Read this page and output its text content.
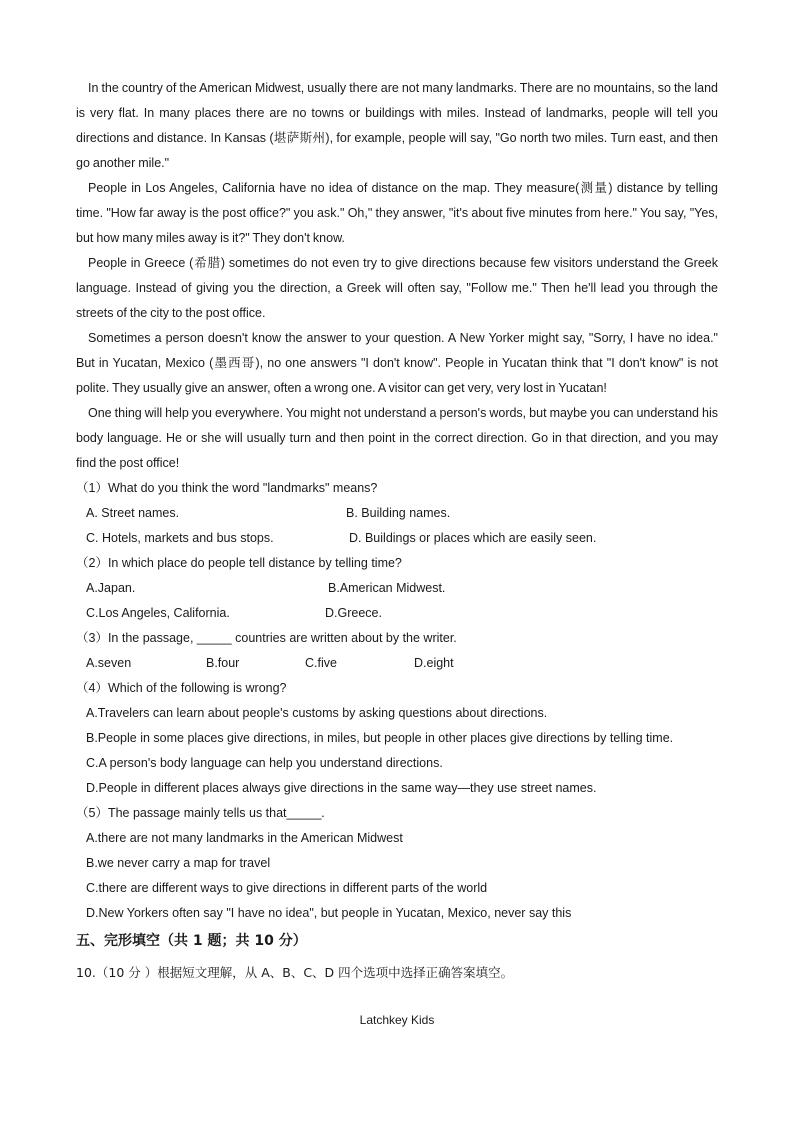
In the country of the American Midwest, usually there are not many landmarks. There are no mountains, so the land is very flat. In many places there are no towns or buildings with miles. Instead of landmarks, people will tell you directions and distance. In Kansas (堪萨斯州), for example, people will say, "Go north two miles. Turn east, and then go another mile."

People in Los Angeles, California have no idea of distance on the map. They measure(测量) distance by telling time. "How far away is the post office?" you ask." Oh," they answer, "it's about five minutes from here." You say, "Yes, but how many miles away is it?" They don't know.

People in Greece (希腊) sometimes do not even try to give directions because few visitors understand the Greek language. Instead of giving you the direction, a Greek will often say, "Follow me." Then he'll lead you through the streets of the city to the post office.

Sometimes a person doesn't know the answer to your question. A New Yorker might say, "Sorry, I have no idea." But in Yucatan, Mexico (墨西哥), no one answers "I don't know". People in Yucatan think that "I don't know" is not polite. They usually give an answer, often a wrong one. A visitor can get very, very lost in Yucatan!

One thing will help you everywhere. You might not understand a person's words, but maybe you can understand his body language. He or she will usually turn and then point in the correct direction. Go in that direction, and you may find the post office!

（1）What do you think the word "landmarks" means?
A. Street names.	B. Building names.
C. Hotels, markets and bus stops.	D. Buildings or places which are easily seen.
（2）In which place do people tell distance by telling time?
A.Japan.	B.American Midwest.
C.Los Angeles, California.	D.Greece.
（3）In the passage, _____ countries are written about by the writer.
A.seven	B.four	C.five	D.eight
（4）Which of the following is wrong?
A.Travelers can learn about people's customs by asking questions about directions.
B.People in some places give directions, in miles, but people in other places give directions by telling time.
C.A person's body language can help you understand directions.
D.People in different places always give directions in the same way—they use street names.
（5）The passage mainly tells us that_____.
A.there are not many landmarks in the American Midwest
B.we never carry a map for travel
C.there are different ways to give directions in different parts of the world
D.New Yorkers often say "I have no idea", but people in Yucatan, Mexico, never say this
五、完形填空（共 1 题；共 10 分）

10.（10 分 ）根据短文理解，从 A、B、C、D 四个选项中选择正确答案填空。

Latchkey Kids
